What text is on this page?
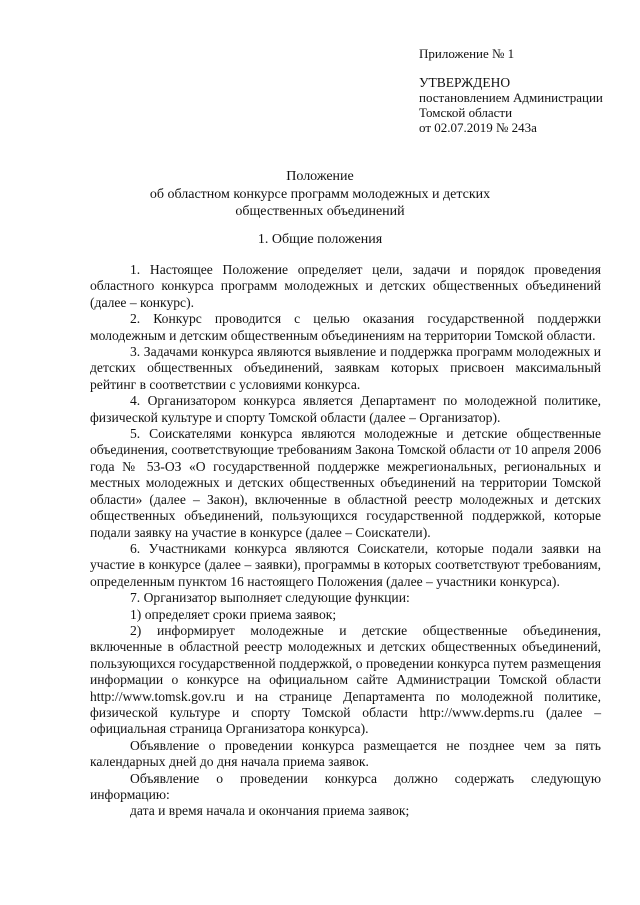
Приложение № 1
УТВЕРЖДЕНО
постановлением Администрации
Томской области
от 02.07.2019 № 243а
Положение
об областном конкурсе программ молодежных и детских
общественных объединений
1. Общие положения

1. Настоящее Положение определяет цели, задачи и порядок проведения областного конкурса программ молодежных и детских общественных объединений (далее – конкурс).

2. Конкурс проводится с целью оказания государственной поддержки молодежным и детским общественным объединениям на территории Томской области.

3. Задачами конкурса являются выявление и поддержка программ молодежных и детских общественных объединений, заявкам которых присвоен максимальный рейтинг в соответствии с условиями конкурса.

4. Организатором конкурса является Департамент по молодежной политике, физической культуре и спорту Томской области (далее – Организатор).

5. Соискателями конкурса являются молодежные и детские общественные объединения, соответствующие требованиям Закона Томской области от 10 апреля 2006 года № 53-ОЗ «О государственной поддержке межрегиональных, региональных и местных молодежных и детских общественных объединений на территории Томской области» (далее – Закон), включенные в областной реестр молодежных и детских общественных объединений, пользующихся государственной поддержкой, которые подали заявку на участие в конкурсе (далее – Соискатели).

6. Участниками конкурса являются Соискатели, которые подали заявки на участие в конкурсе (далее – заявки), программы в которых соответствуют требованиям, определенным пунктом 16 настоящего Положения (далее – участники конкурса).

7. Организатор выполняет следующие функции:

1) определяет сроки приема заявок;

2) информирует молодежные и детские общественные объединения, включенные в областной реестр молодежных и детских общественных объединений, пользующихся государственной поддержкой, о проведении конкурса путем размещения информации о конкурсе на официальном сайте Администрации Томской области http://www.tomsk.gov.ru и на странице Департамента по молодежной политике, физической культуре и спорту Томской области http://www.depms.ru (далее – официальная страница Организатора конкурса).

Объявление о проведении конкурса размещается не позднее чем за пять календарных дней до дня начала приема заявок.

Объявление о проведении конкурса должно содержать следующую информацию:

дата и время начала и окончания приема заявок;
